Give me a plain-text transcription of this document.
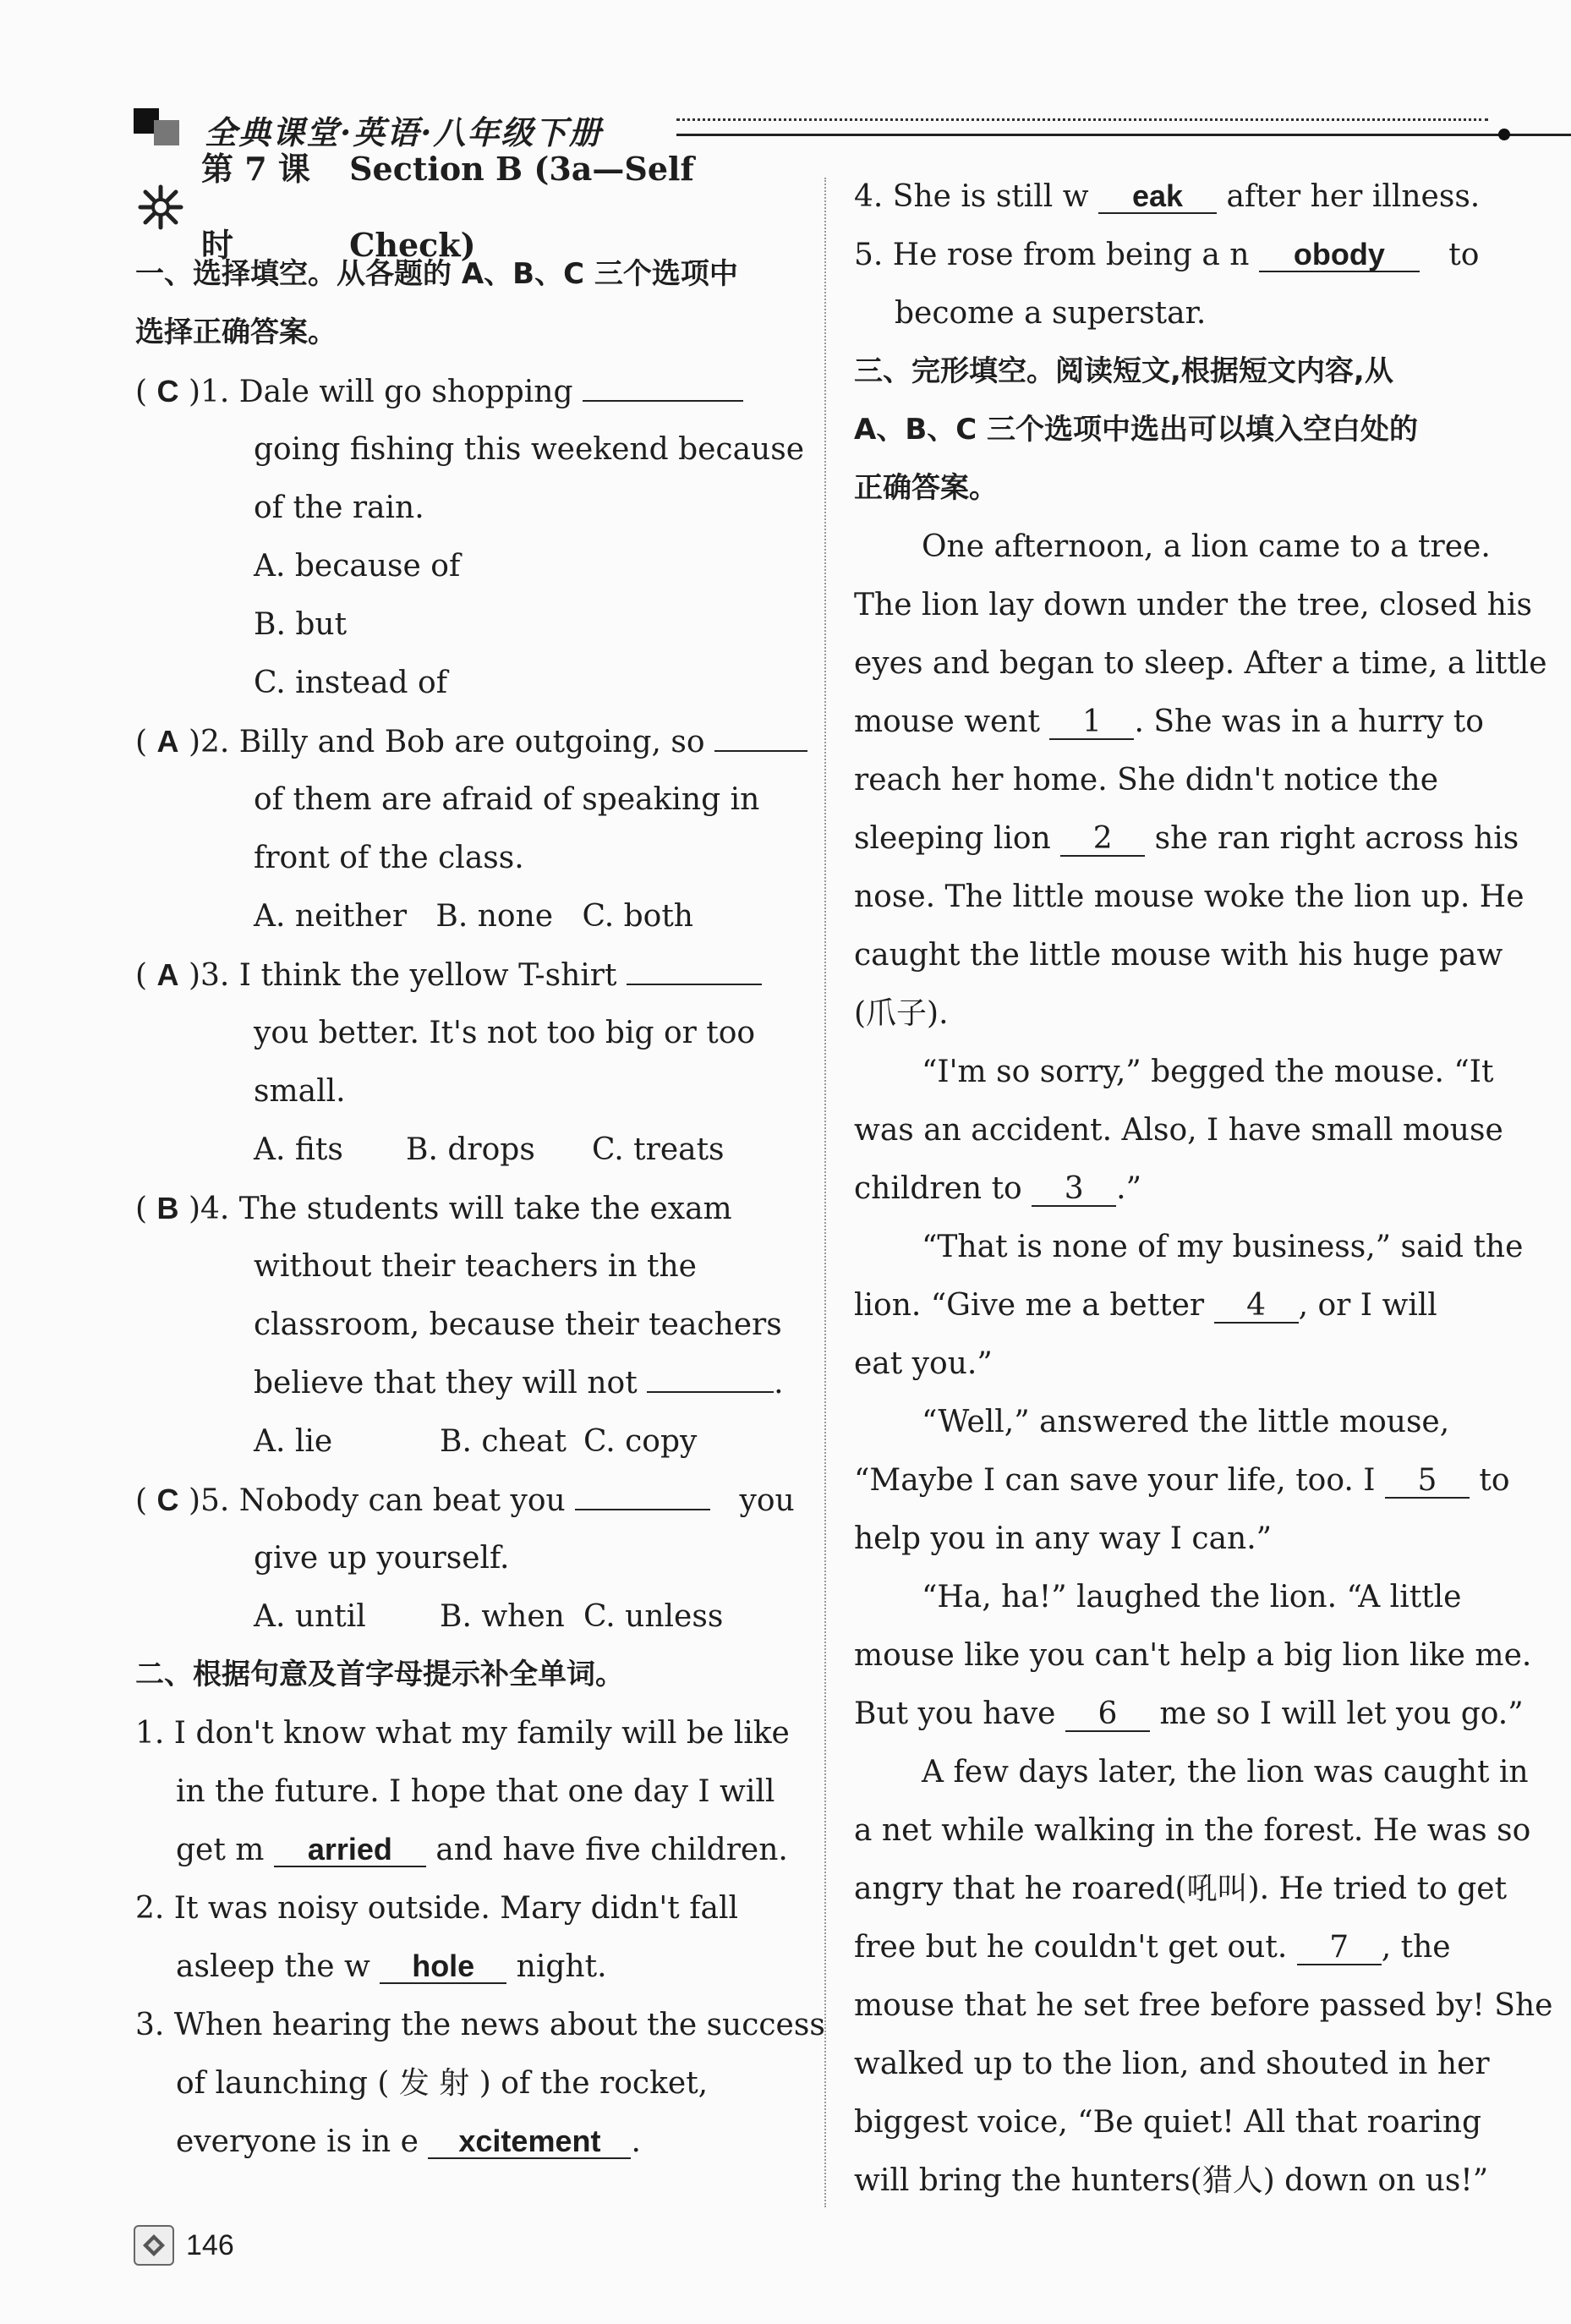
全典课堂·英语·八年级下册
第 7 课时
Section B (3a—Self Check)
一、选择填空。从各题的 A、B、C 三个选项中
选择正确答案。
( C )1. Dale will go shopping
going fishing this weekend because
of the rain.
A. because of
B. but
C. instead of
( A )2. Billy and Bob are outgoing, so
of them are afraid of speaking in
front of the class.
A. neither B. none C. both
( A )3. I think the yellow T-shirt
you better. It's not too big or too
small.
A. fits B. drops C. treats
( B )4. The students will take the exam
without their teachers in the
classroom, because their teachers
believe that they will not	.
A. lie	B. cheat C. copy
( C )5. Nobody can beat you	you
give up yourself.
A. until B. when C. unless
二、根据句意及首字母提示补全单词。
1. I don't know what my family will be like
in the future. I hope that one day I will
get m arried and have five children.
2. It was noisy outside. Mary didn't fall
asleep the w hole night.
3. When hearing the news about the success
of launching ( 发 射 ) of the rocket,
everyone is in e xcitement .
4. She is still w eak after her illness.
5. He rose from being a n obody to
become a superstar.
三、完形填空。阅读短文,根据短文内容,从
A、B、C 三个选项中选出可以填入空白处的
正确答案。
One afternoon, a lion came to a tree.
The lion lay down under the tree, closed his
eyes and began to sleep. After a time, a little
mouse went 1 . She was in a hurry to
reach her home. She didn't notice the
sleeping lion 2 she ran right across his
nose. The little mouse woke the lion up. He
caught the little mouse with his huge paw
(爪子).
“I'm so sorry,” begged the mouse. “It
was an accident. Also, I have small mouse
children to 3 .”
“That is none of my business,” said the
lion. “Give me a better 4 , or I will
eat you.”
“Well,” answered the little mouse,
“Maybe I can save your life, too. I 5 to
help you in any way I can.”
“Ha, ha!” laughed the lion. “A little
mouse like you can't help a big lion like me.
But you have 6 me so I will let you go.”
A few days later, the lion was caught in
a net while walking in the forest. He was so
angry that he roared(吼叫). He tried to get
free but he couldn't get out. 7 , the
mouse that he set free before passed by! She
walked up to the lion, and shouted in her
biggest voice, “Be quiet! All that roaring
will bring the hunters(猎人) down on us!”
146
